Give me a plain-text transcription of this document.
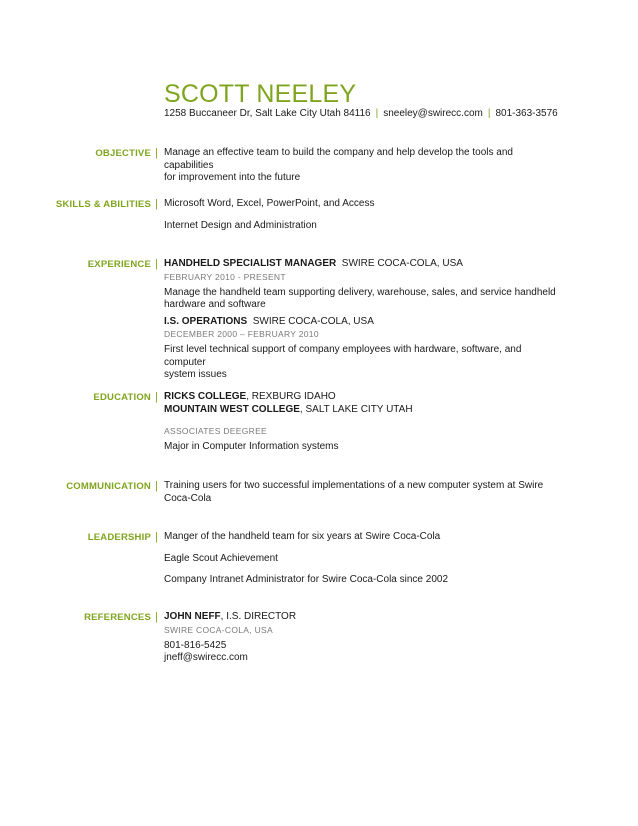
SCOTT NEELEY
1258 Buccaneer Dr, Salt Lake City Utah 84116 | sneeley@swirecc.com | 801-363-3576
OBJECTIVE | Manage an effective team to build the company and help develop the tools and capabilities

for improvement into the future

SKILLS & ABILITIES | Microsoft Word, Excel, PowerPoint, and Access

Internet Design and Administration

EXPERIENCE | HANDHELD SPECIALIST MANAGER SWIRE COCA-COLA, USA

FEBRUARY 2010 - PRESENT

Manage the handheld team supporting delivery, warehouse, sales, and service handheld

hardware and software

I.S. OPERATIONS SWIRE COCA-COLA, USA

DECEMBER 2000 – FEBRUARY 2010

First level technical support of company employees with hardware, software, and computer

system issues

EDUCATION | RICKS COLLEGE, REXBURG IDAHO

MOUNTAIN WEST COLLEGE, SALT LAKE CITY UTAH

ASSOCIATES DEEGREE

Major in Computer Information systems

COMMUNICATION | Training users for two successful implementations of a new computer system at Swire

Coca-Cola

LEADERSHIP | Manger of the handheld team for six years at Swire Coca-Cola

Eagle Scout Achievement

Company Intranet Administrator for Swire Coca-Cola since 2002

REFERENCES | JOHN NEFF, I.S. DIRECTOR

SWIRE COCA-COLA, USA

801-816-5425

jneff@swirecc.com
